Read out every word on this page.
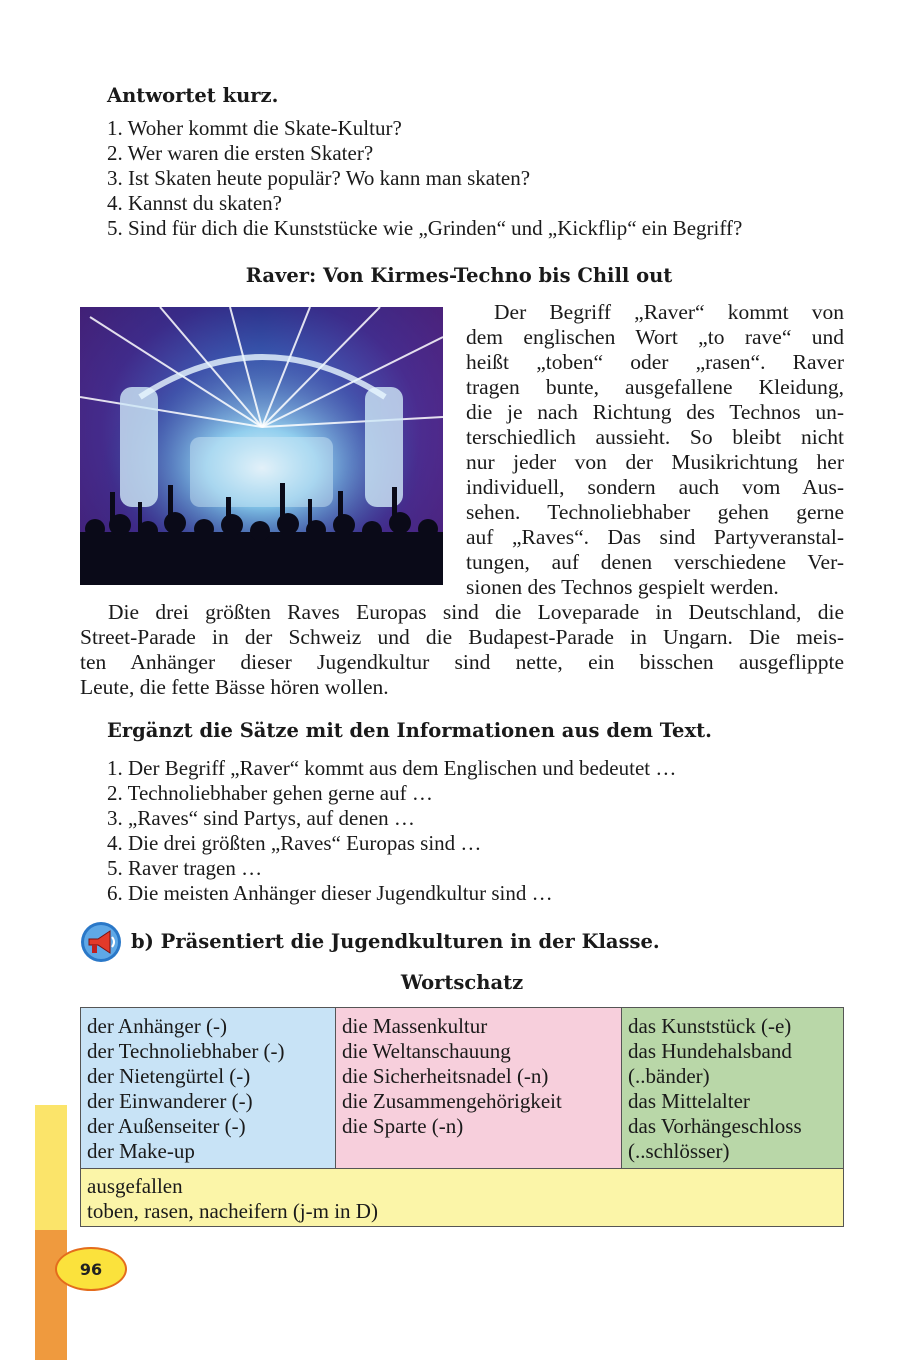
Antwortet kurz.
1. Woher kommt die Skate-Kultur?
2. Wer waren die ersten Skater?
3. Ist Skaten heute populär? Wo kann man skaten?
4. Kannst du skaten?
5. Sind für dich die Kunststücke wie „Grinden“ und „Kickflip“ ein Begriff?
Raver: Von Kirmes-Techno bis Chill out
Der Begriff „Raver“ kommt von
dem englischen Wort „to rave“ und
heißt „toben“ oder „rasen“. Raver
tragen bunte, ausgefallene Kleidung,
die je nach Richtung des Technos un-
terschiedlich aussieht. So bleibt nicht
nur jeder von der Musikrichtung her
individuell, sondern auch vom Aus-
sehen. Technoliebhaber gehen gerne
auf „Raves“. Das sind Partyveranstal-
tungen, auf denen verschiedene Ver-
sionen des Technos gespielt werden.
Die drei größten Raves Europas sind die Loveparade in Deutschland, die
Street-Parade in der Schweiz und die Budapest-Parade in Ungarn. Die meis-
ten Anhänger dieser Jugendkultur sind nette, ein bisschen ausgeflippte
Leute, die fette Bässe hören wollen.
Ergänzt die Sätze mit den Informationen aus dem Text.
1. Der Begriff „Raver“ kommt aus dem Englischen und bedeutet …
2. Technoliebhaber gehen gerne auf …
3. „Raves“ sind Partys, auf denen …
4. Die drei größten „Raves“ Europas sind …
5. Raver tragen …
6. Die meisten Anhänger dieser Jugendkultur sind …
b) Präsentiert die Jugendkulturen in der Klasse.
Wortschatz
der Anhänger (-)
der Technoliebhaber (-)
der Nietengürtel (-)
der Einwanderer (-)
der Außenseiter (-)
der Make-up
die Massenkultur
die Weltanschauung
die Sicherheitsnadel (-n)
die Zusammengehörigkeit
die Sparte (-n)
das Kunststück (-e)
das Hundehalsband
(..bänder)
das Mittelalter
das Vorhängeschloss
(..schlösser)
ausgefallen
toben, rasen, nacheifern (j-m in D)
96
